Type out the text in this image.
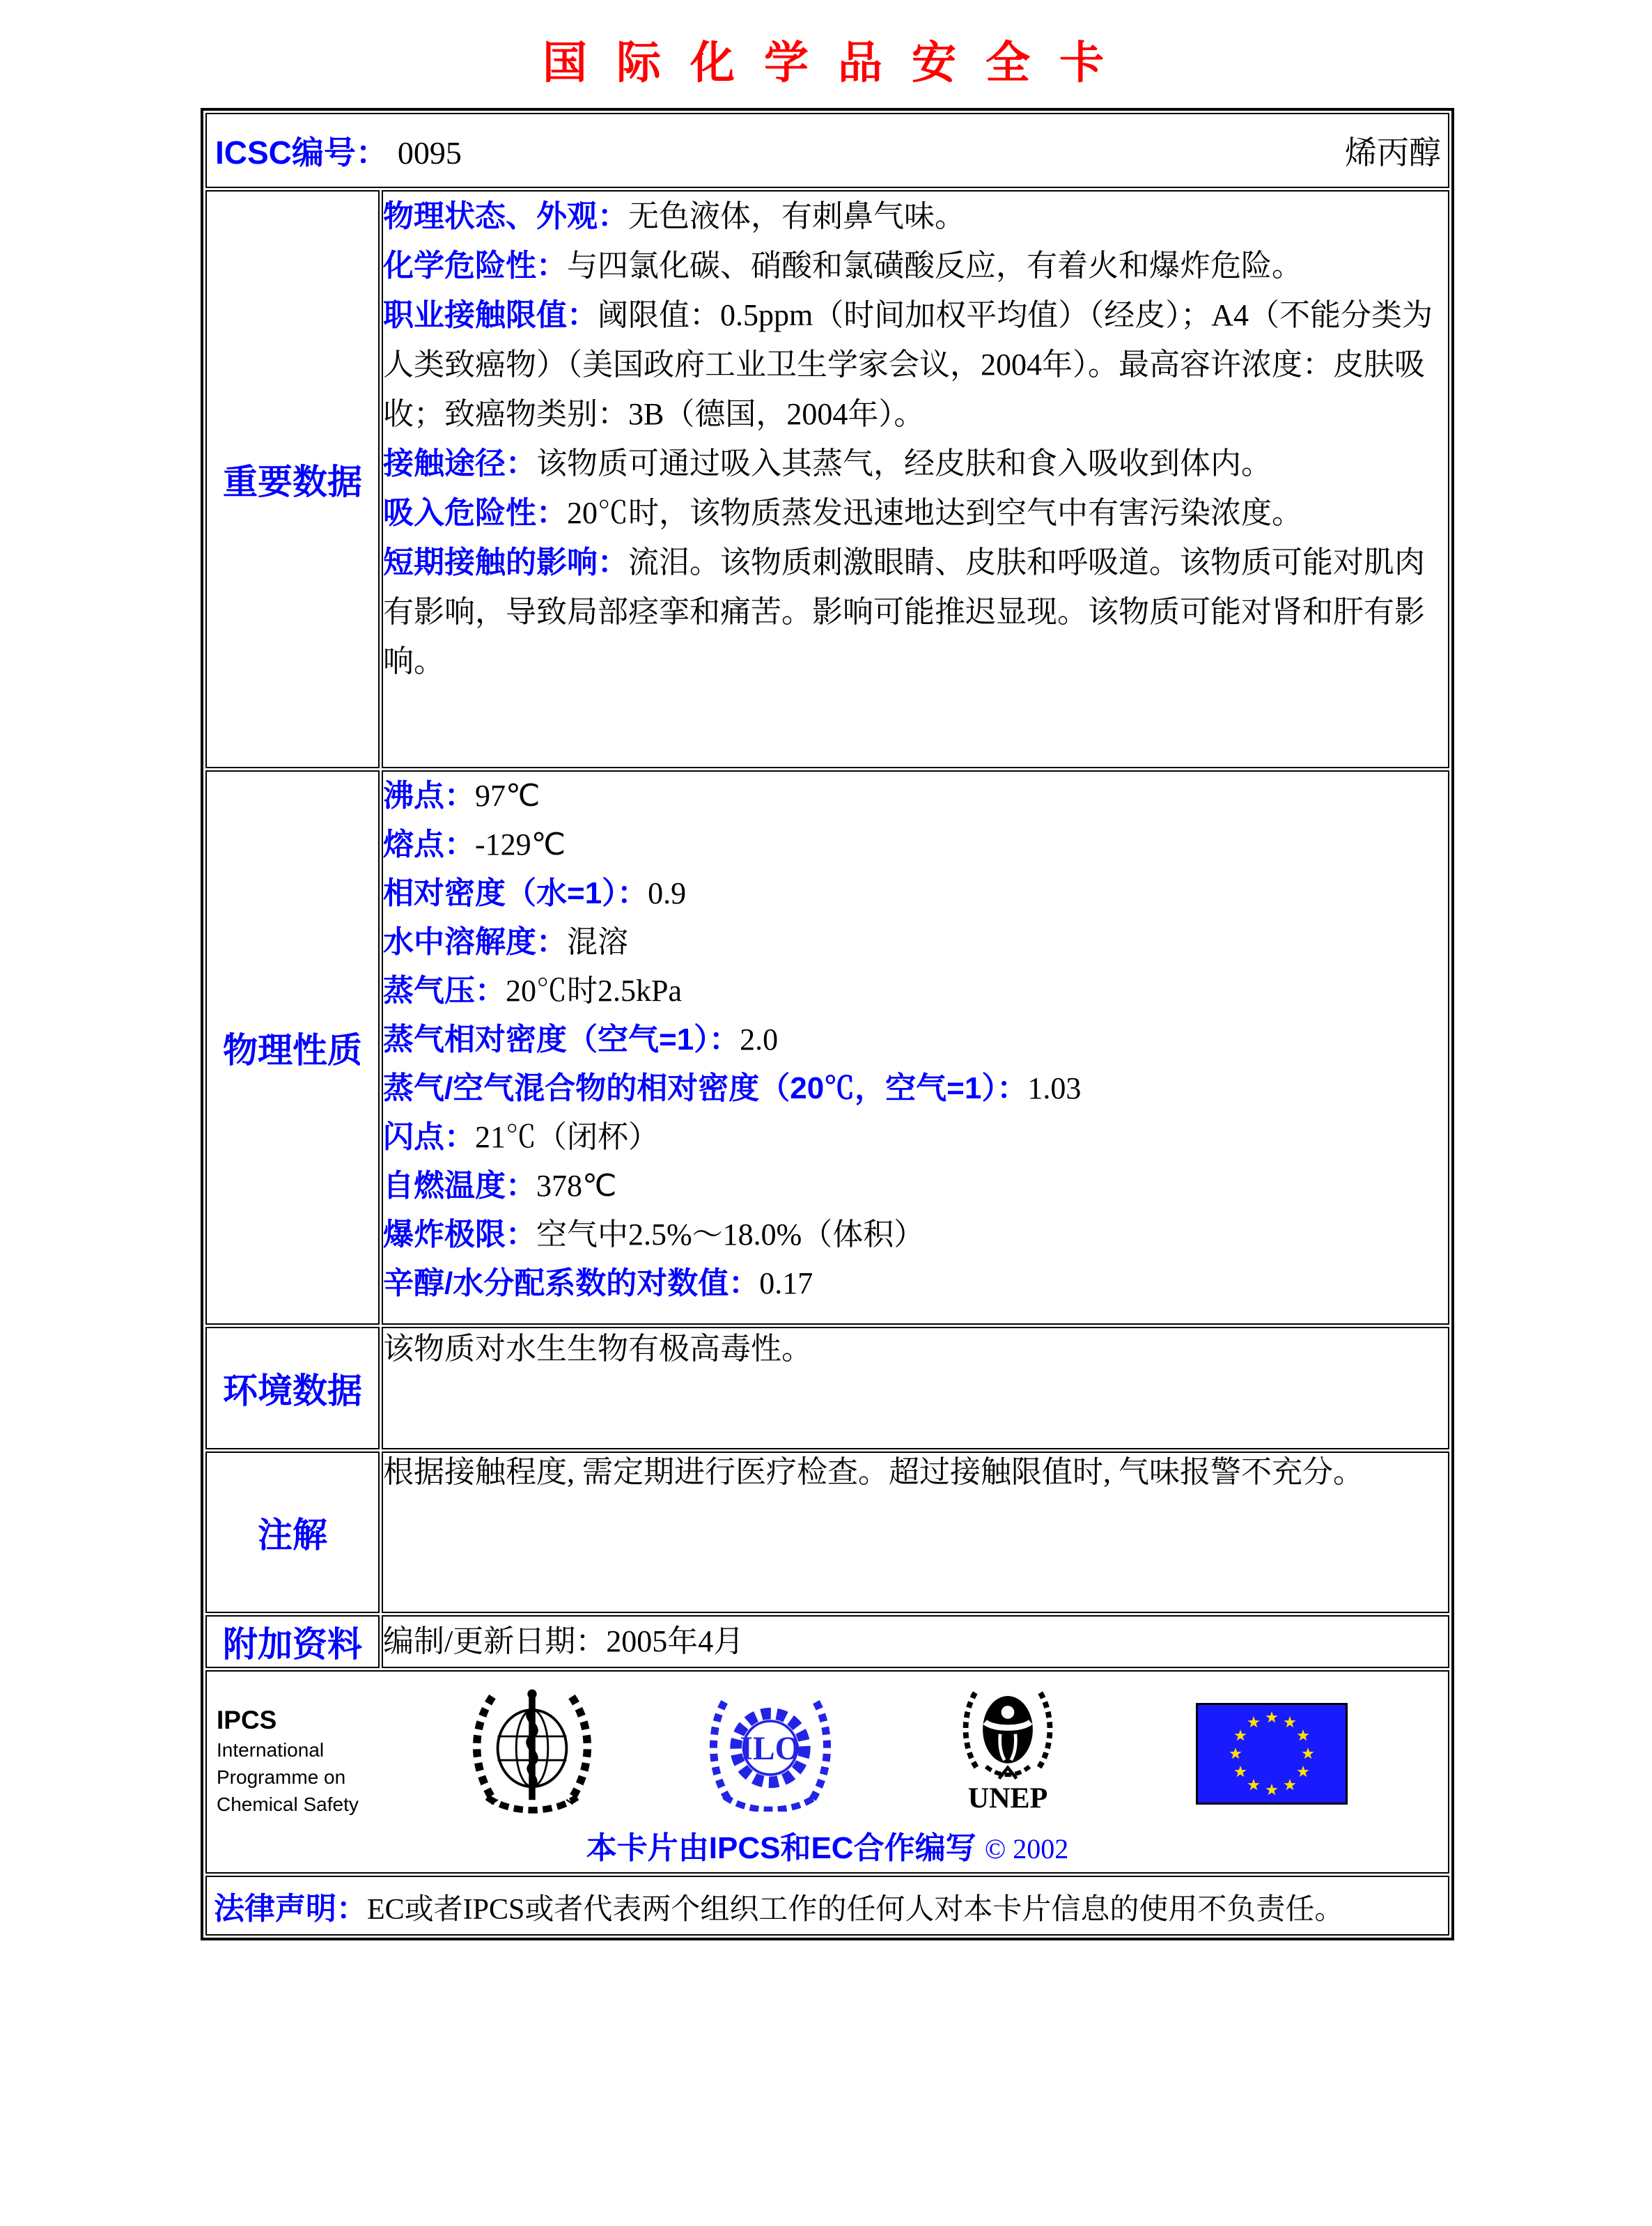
国际化学品安全卡
ICSC编号： 0095 烯丙醇	

重要数据	

物理状态、外观：无色液体，有刺鼻气味。

化学危险性：与四氯化碳、硝酸和氯磺酸反应，有着火和爆炸危险。

职业接触限值：阈限值：0.5ppm（时间加权平均值）（经皮）；A4（不能分类为人类致癌物）（美国政府工业卫生学家会议，2004年）。最高容许浓度：皮肤吸收；致癌物类别：3B（德国，2004年）。

接触途径：该物质可通过吸入其蒸气，经皮肤和食入吸收到体内。

吸入危险性：20℃时，该物质蒸发迅速地达到空气中有害污染浓度。

短期接触的影响：流泪。该物质刺激眼睛、皮肤和呼吸道。该物质可能对肌肉有影响，导致局部痉挛和痛苦。影响可能推迟显现。该物质可能对肾和肝有影响。

物理性质	
沸点：97℃
熔点：-129℃
相对密度（水=1）：0.9
水中溶解度：混溶
蒸气压：20℃时2.5kPa
蒸气相对密度（空气=1）：2.0
蒸气/空气混合物的相对密度（20℃，空气=1）：1.03
闪点：21℃（闭杯）
自燃温度：378℃
爆炸极限：空气中2.5%～18.0%（体积）
辛醇/水分配系数的对数值：0.17

环境数据	该物质对水生生物有极高毒性。

注解	根据接触程度, 需定期进行医疗检查。超过接触限值时, 气味报警不充分。

附加资料	编制/更新日期：2005年4月

IPCS
International
Programme on
Chemical Safety
ILO
UNEP
本卡片由IPCS和EC合作编写 © 2002

法律声明：EC或者IPCS或者代表两个组织工作的任何人对本卡片信息的使用不负责任。	
